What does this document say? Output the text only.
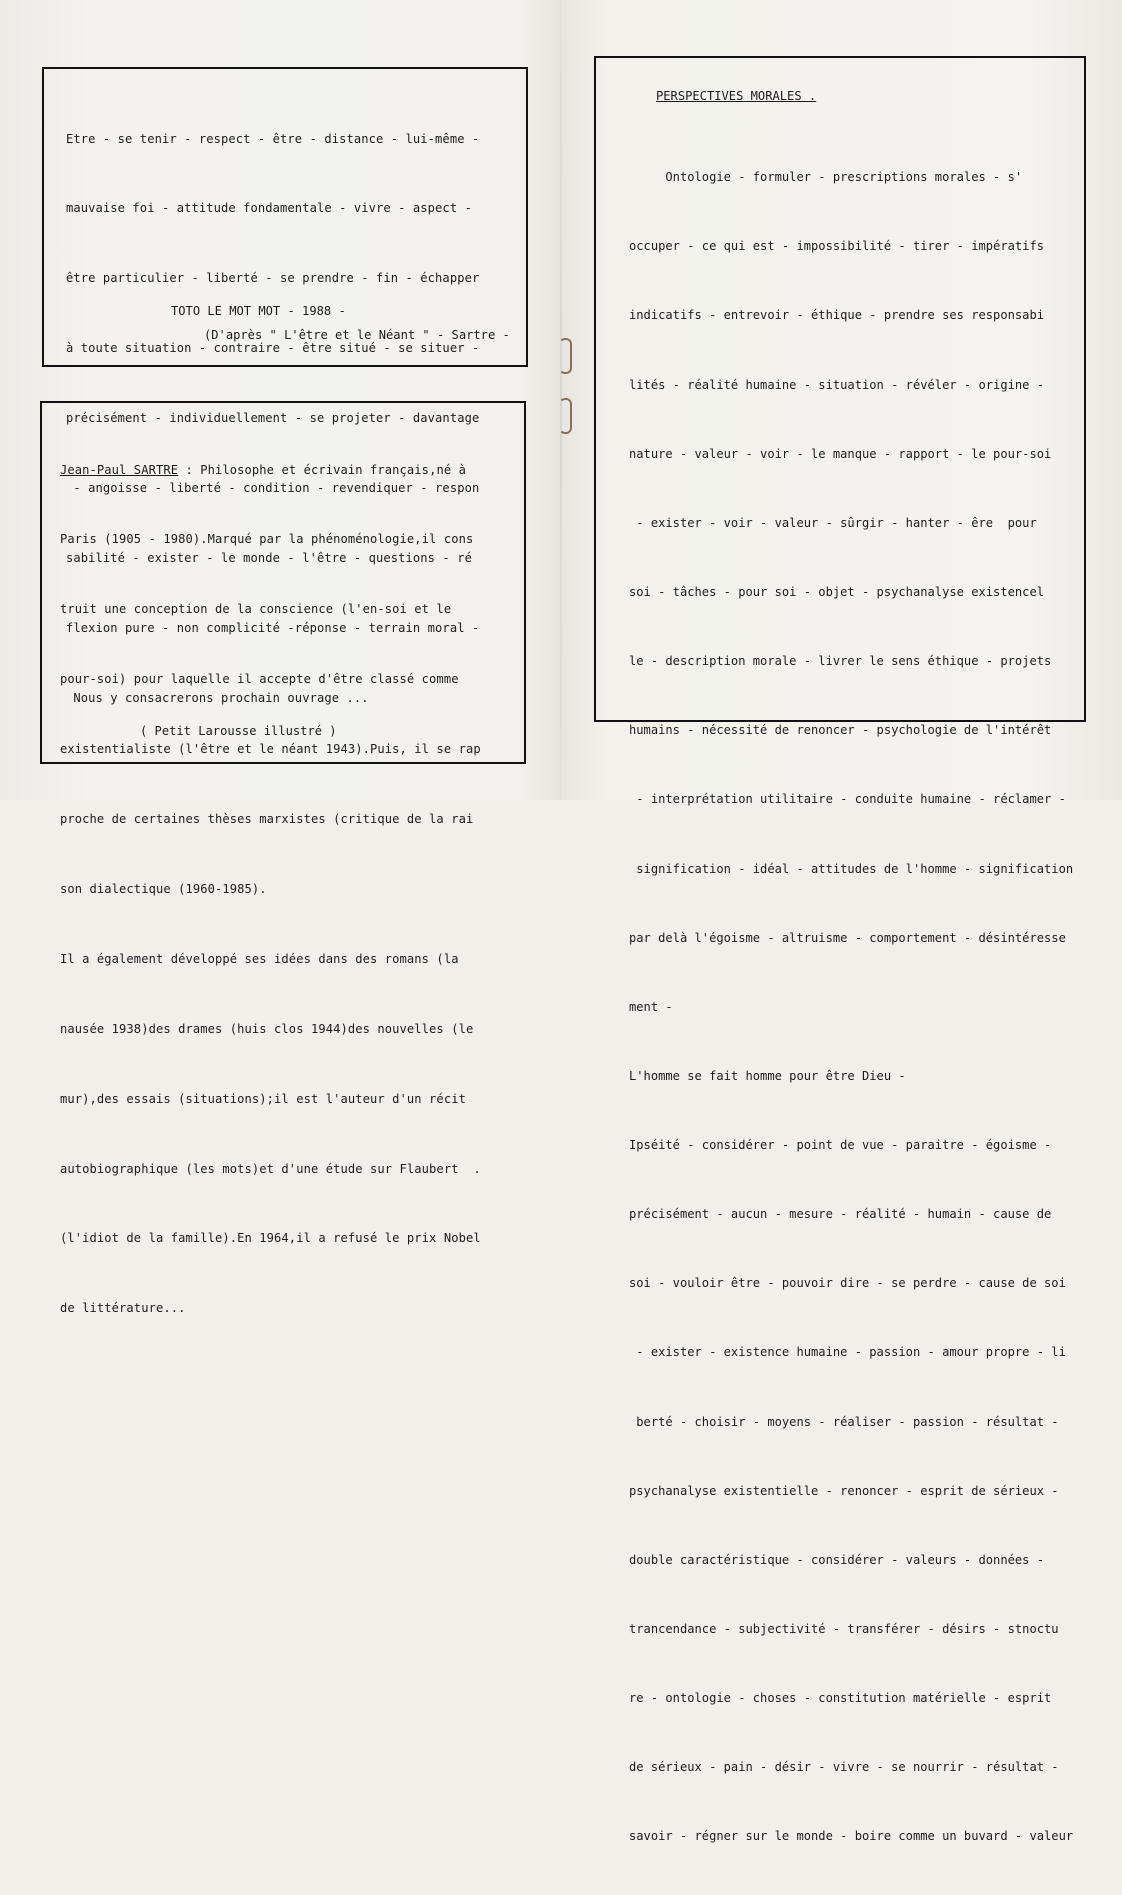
Etre - se tenir - respect - être - distance - lui-même -

mauvaise foi - attitude fondamentale - vivre - aspect -

être particulier - liberté - se prendre - fin - échapper

à toute situation - contraire - être situé - se situer -

précisément - individuellement - se projeter - davantage

- angoisse - liberté - condition - revendiquer - respon

sabilité - exister - le monde - l'être - questions - ré

flexion pure - non complicité -réponse - terrain moral -

Nous y consacrerons prochain ouvrage ...

TOTO LE MOT MOT - 1988 -
(D'après " L'être et le Néant " - Sartre -

Jean-Paul SARTRE : Philosophe et écrivain français,né à

Paris (1905 - 1980).Marqué par la phénoménologie,il cons

truit une conception de la conscience (l'en-soi et le

pour-soi) pour laquelle il accepte d'être classé comme

existentialiste (l'être et le néant 1943).Puis, il se rap

proche de certaines thèses marxistes (critique de la rai

son dialectique (1960-1985).

Il a également développé ses idées dans des romans (la

nausée 1938)des drames (huis clos 1944)des nouvelles (le

mur),des essais (situations);il est l'auteur d'un récit

autobiographique (les mots)et d'une étude sur Flaubert  .

(l'idiot de la famille).En 1964,il a refusé le prix Nobel

de littérature...

( Petit Larousse illustré )
PERSPECTIVES MORALES .

Ontologie - formuler - prescriptions morales - s'

occuper - ce qui est - impossibilité - tirer - impératifs

indicatifs - entrevoir - éthique - prendre ses responsabi

lités - réalité humaine - situation - révéler - origine -

nature - valeur - voir - le manque - rapport - le pour-soi

- exister - voir - valeur - sûrgir - hanter - êre  pour

soi - tâches - pour soi - objet - psychanalyse existencel

le - description morale - livrer le sens éthique - projets

humains - nécessité de renoncer - psychologie de l'intérêt

- interprétation utilitaire - conduite humaine - réclamer -

signification - idéal - attitudes de l'homme - signification

par delà l'égoisme - altruisme - comportement - désintéresse

ment -

L'homme se fait homme pour être Dieu -

Ipséité - considérer - point de vue - paraitre - égoisme -

précisément - aucun - mesure - réalité - humain - cause de

soi - vouloir être - pouvoir dire - se perdre - cause de soi

- exister - existence humaine - passion - amour propre - li

berté - choisir - moyens - réaliser - passion - résultat -

psychanalyse existentielle - renoncer - esprit de sérieux -

double caractéristique - considérer - valeurs - données -

trancendance - subjectivité - transférer - désirs - stnoctu

re - ontologie - choses - constitution matérielle - esprit

de sérieux - pain - désir - vivre - se nourrir - résultat -

savoir - régner sur le monde - boire comme un buvard - valeur
